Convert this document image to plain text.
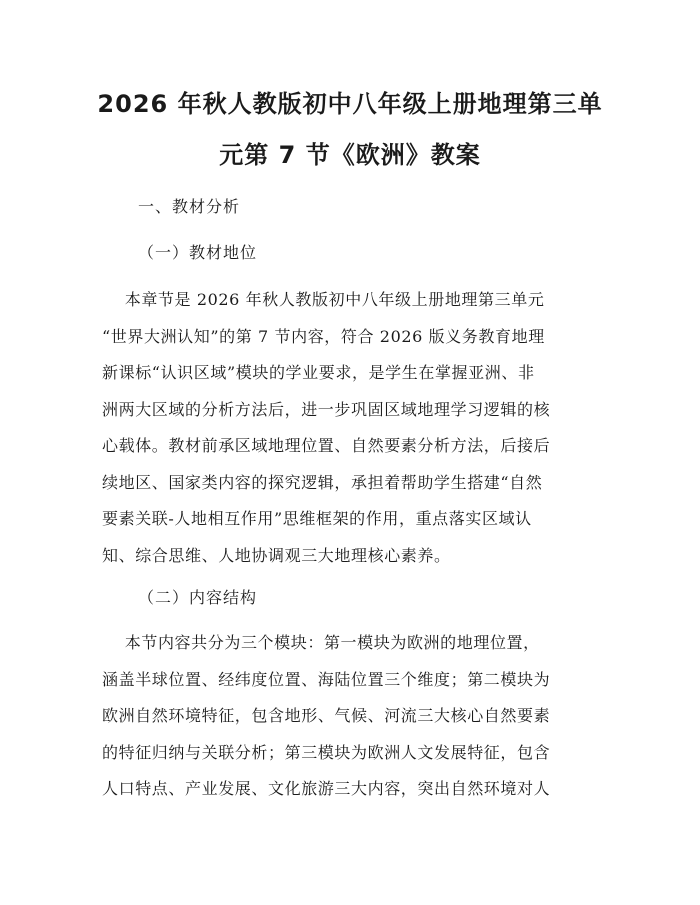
2026 年秋人教版初中八年级上册地理第三单
元第 7 节《欧洲》教案
一、教材分析
（一）教材地位
本章节是 2026 年秋人教版初中八年级上册地理第三单元
“世界大洲认知”的第 7 节内容，符合 2026 版义务教育地理
新课标“认识区域”模块的学业要求，是学生在掌握亚洲、非
洲两大区域的分析方法后，进一步巩固区域地理学习逻辑的核
心载体。教材前承区域地理位置、自然要素分析方法，后接后
续地区、国家类内容的探究逻辑，承担着帮助学生搭建“自然
要素关联-人地相互作用”思维框架的作用，重点落实区域认
知、综合思维、人地协调观三大地理核心素养。
（二）内容结构
本节内容共分为三个模块：第一模块为欧洲的地理位置，
涵盖半球位置、经纬度位置、海陆位置三个维度；第二模块为
欧洲自然环境特征，包含地形、气候、河流三大核心自然要素
的特征归纳与关联分析；第三模块为欧洲人文发展特征，包含
人口特点、产业发展、文化旅游三大内容，突出自然环境对人
